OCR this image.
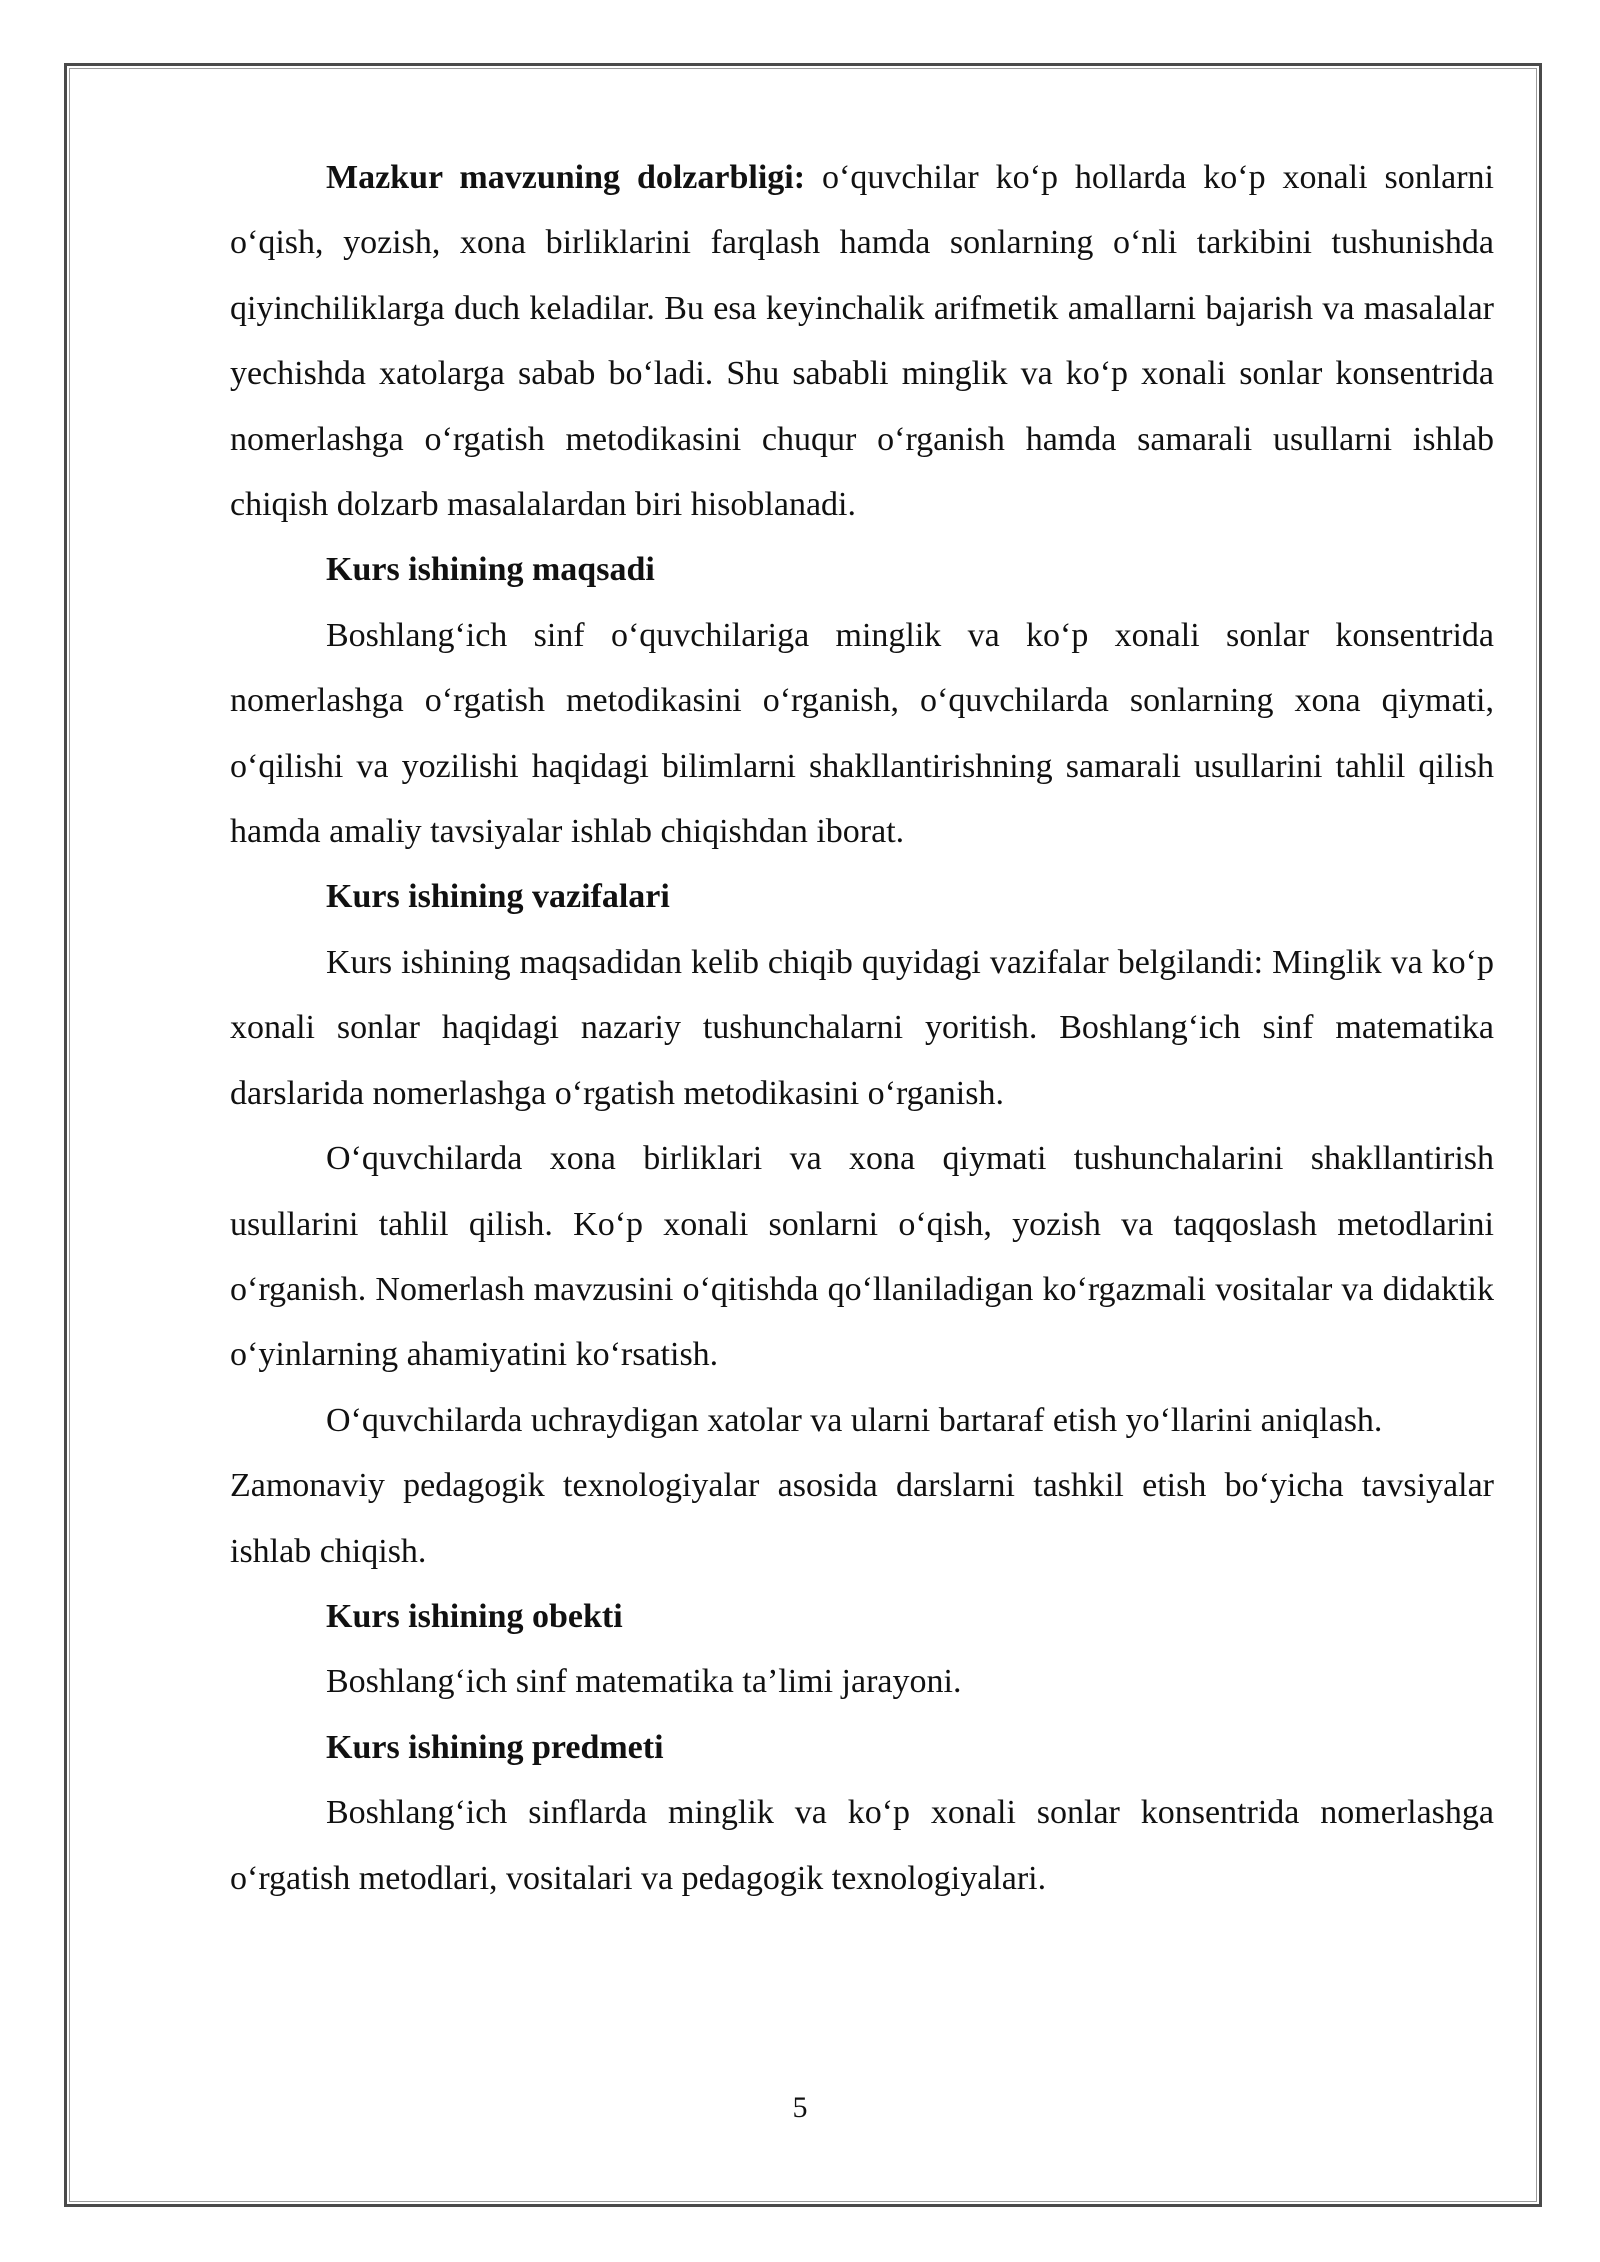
Mazkur mavzuning dolzarbligi: o‘quvchilar ko‘p hollarda ko‘p xonali sonlarni o‘qish, yozish, xona birliklarini farqlash hamda sonlarning o‘nli tarkibini tushunishda qiyinchiliklarga duch keladilar. Bu esa keyinchalik arifmetik amallarni bajarish va masalalar yechishda xatolarga sabab bo‘ladi. Shu sababli minglik va ko‘p xonali sonlar konsentrida nomerlashga o‘rgatish metodikasini chuqur o‘rganish hamda samarali usullarni ishlab chiqish dolzarb masalalardan biri hisoblanadi.

Kurs ishining maqsadi

Boshlang‘ich sinf o‘quvchilariga minglik va ko‘p xonali sonlar konsentrida nomerlashga o‘rgatish metodikasini o‘rganish, o‘quvchilarda sonlarning xona qiymati, o‘qilishi va yozilishi haqidagi bilimlarni shakllantirishning samarali usullarini tahlil qilish hamda amaliy tavsiyalar ishlab chiqishdan iborat.

Kurs ishining vazifalari

Kurs ishining maqsadidan kelib chiqib quyidagi vazifalar belgilandi: Minglik va ko‘p xonali sonlar haqidagi nazariy tushunchalarni yoritish. Boshlang‘ich sinf matematika darslarida nomerlashga o‘rgatish metodikasini o‘rganish.

O‘quvchilarda xona birliklari va xona qiymati tushunchalarini shakllantirish usullarini tahlil qilish. Ko‘p xonali sonlarni o‘qish, yozish va taqqoslash metodlarini o‘rganish. Nomerlash mavzusini o‘qitishda qo‘llaniladigan ko‘rgazmali vositalar va didaktik o‘yinlarning ahamiyatini ko‘rsatish.

O‘quvchilarda uchraydigan xatolar va ularni bartaraf etish yo‘llarini aniqlash.

Zamonaviy pedagogik texnologiyalar asosida darslarni tashkil etish bo‘yicha tavsiyalar ishlab chiqish.

Kurs ishining obekti

Boshlang‘ich sinf matematika ta’limi jarayoni.

Kurs ishining predmeti

Boshlang‘ich sinflarda minglik va ko‘p xonali sonlar konsentrida nomerlashga o‘rgatish metodlari, vositalari va pedagogik texnologiyalari.

5
